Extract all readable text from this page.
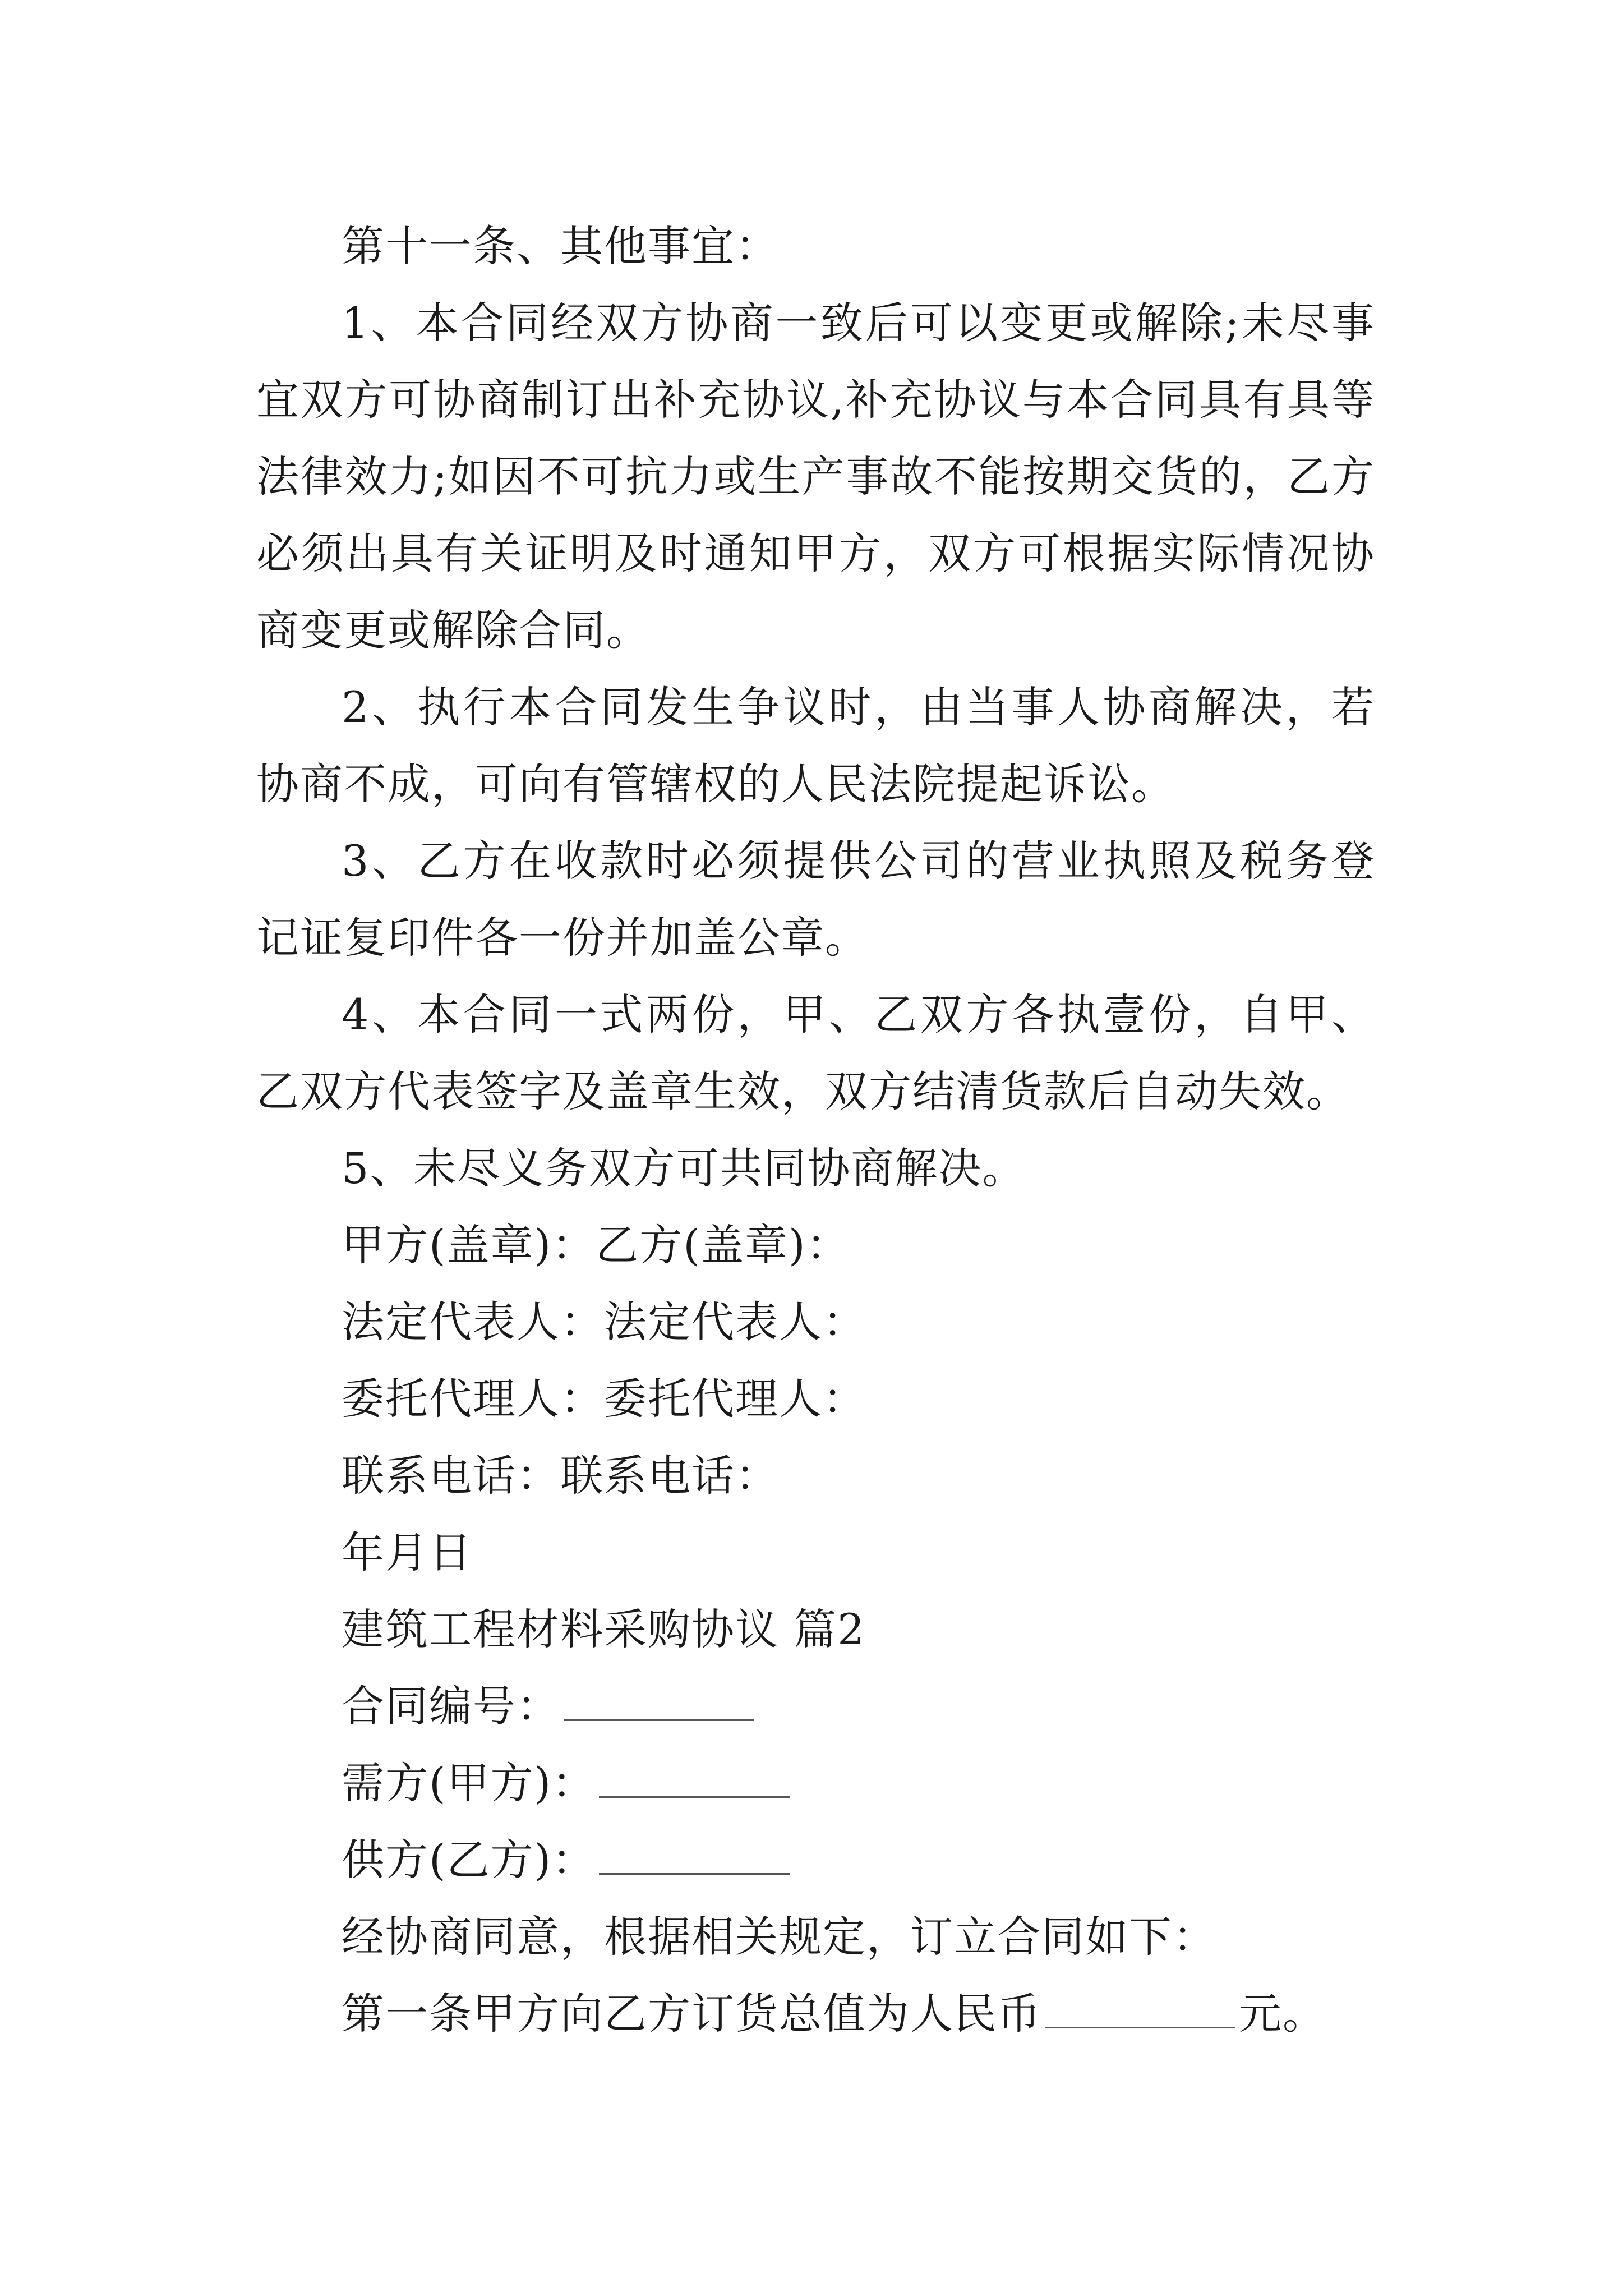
第十一条、其他事宜：

1、本合同经双方协商一致后可以变更或解除;未尽事宜双方可协商制订出补充协议,补充协议与本合同具有具等法律效力;如因不可抗力或生产事故不能按期交货的，乙方必须出具有关证明及时通知甲方，双方可根据实际情况协商变更或解除合同。

2、执行本合同发生争议时，由当事人协商解决，若协商不成，可向有管辖权的人民法院提起诉讼。

3、乙方在收款时必须提供公司的营业执照及税务登记证复印件各一份并加盖公章。

4、本合同一式两份，甲、乙双方各执壹份，自甲、乙双方代表签字及盖章生效，双方结清货款后自动失效。

5、未尽义务双方可共同协商解决。

甲方(盖章)：乙方(盖章)：

法定代表人：法定代表人：

委托代理人：委托代理人：

联系电话：联系电话：

年月日

建筑工程材料采购协议 篇2

合同编号：

需方(甲方)：

供方(乙方)：

经协商同意，根据相关规定，订立合同如下：

第一条甲方向乙方订货总值为人民币	元。
